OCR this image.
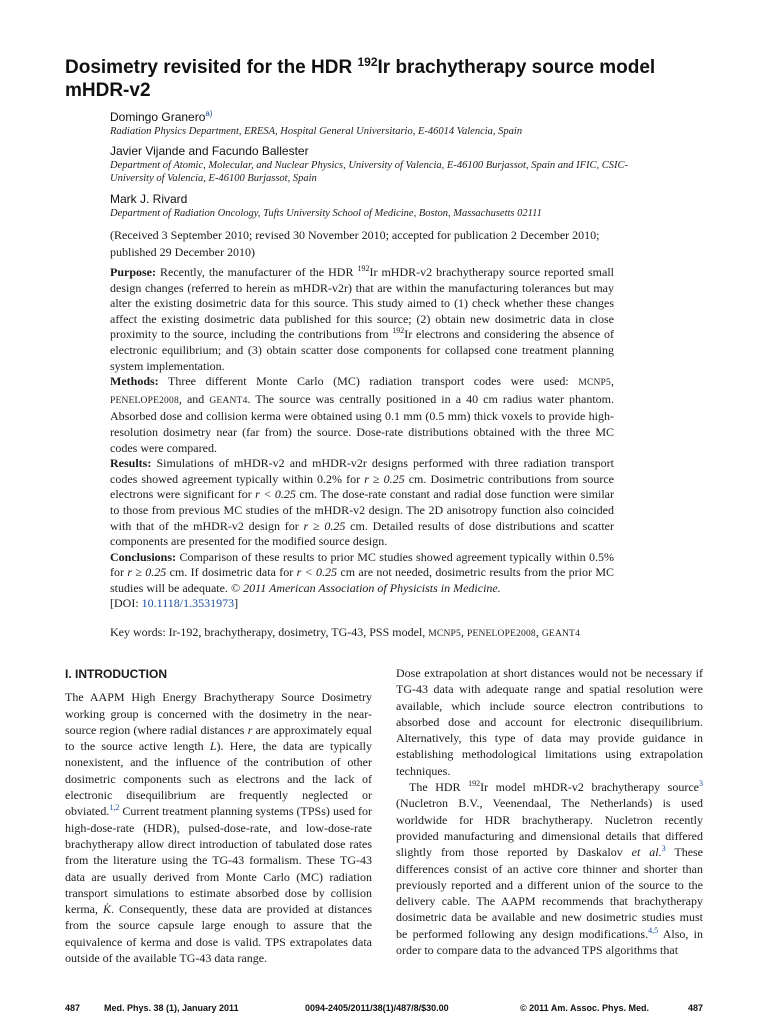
Dosimetry revisited for the HDR $^{192}$Ir brachytherapy source model mHDR-v2
Domingo Granero$^{a)}$
Radiation Physics Department, ERESA, Hospital General Universitario, E-46014 Valencia, Spain
Javier Vijande and Facundo Ballester
Department of Atomic, Molecular, and Nuclear Physics, University of Valencia, E-46100 Burjassot, Spain and IFIC, CSIC-University of Valencia, E-46100 Burjassot, Spain
Mark J. Rivard
Department of Radiation Oncology, Tufts University School of Medicine, Boston, Massachusetts 02111
(Received 3 September 2010; revised 30 November 2010; accepted for publication 2 December 2010; published 29 December 2010)
Purpose: Recently, the manufacturer of the HDR $^{192}$Ir mHDR-v2 brachytherapy source reported small design changes (referred to herein as mHDR-v2r) that are within the manufacturing tolerances but may alter the existing dosimetric data for this source. This study aimed to (1) check whether these changes affect the existing dosimetric data published for this source; (2) obtain new dosimetric data in close proximity to the source, including the contributions from $^{192}$Ir electrons and considering the absence of electronic equilibrium; and (3) obtain scatter dose components for collapsed cone treatment planning system implementation.
Methods: Three different Monte Carlo (MC) radiation transport codes were used: MCNP5, PENELOPE2008, and GEANT4. The source was centrally positioned in a 40 cm radius water phantom. Absorbed dose and collision kerma were obtained using 0.1 mm (0.5 mm) thick voxels to provide high-resolution dosimetry near (far from) the source. Dose-rate distributions obtained with the three MC codes were compared.
Results: Simulations of mHDR-v2 and mHDR-v2r designs performed with three radiation transport codes showed agreement typically within 0.2% for r ≥ 0.25 cm. Dosimetric contributions from source electrons were significant for r < 0.25 cm. The dose-rate constant and radial dose function were similar to those from previous MC studies of the mHDR-v2 design. The 2D anisotropy function also coincided with that of the mHDR-v2 design for r ≥ 0.25 cm. Detailed results of dose distributions and scatter components are presented for the modified source design.
Conclusions: Comparison of these results to prior MC studies showed agreement typically within 0.5% for r ≥ 0.25 cm. If dosimetric data for r < 0.25 cm are not needed, dosimetric results from the prior MC studies will be adequate. © 2011 American Association of Physicists in Medicine.
[DOI: 10.1118/1.3531973]
Key words: Ir-192, brachytherapy, dosimetry, TG-43, PSS model, MCNP5, PENELOPE2008, GEANT4
I. INTRODUCTION

The AAPM High Energy Brachytherapy Source Dosimetry working group is concerned with the dosimetry in the near-source region (where radial distances r are approximately equal to the source active length L). Here, the data are typically nonexistent, and the influence of the contribution of other dosimetric components such as electrons and the lack of electronic disequilibrium are frequently neglected or obviated.$^{1,2}$ Current treatment planning systems (TPSs) used for high-dose-rate (HDR), pulsed-dose-rate, and low-dose-rate brachytherapy allow direct introduction of tabulated dose rates from the literature using the TG-43 formalism. These TG-43 data are usually derived from Monte Carlo (MC) radiation transport simulations to estimate absorbed dose by collision kerma, K̇. Consequently, these data are provided at distances from the source capsule large enough to assure that the equivalence of kerma and dose is valid. TPS extrapolates data outside of the available TG-43 data range.

Dose extrapolation at short distances would not be necessary if TG-43 data with adequate range and spatial resolution were available, which include source electron contributions to absorbed dose and account for electronic disequilibrium. Alternatively, this type of data may provide guidance in establishing methodological limitations using extrapolation techniques.

The HDR $^{192}$Ir model mHDR-v2 brachytherapy source$^3$ (Nucletron B.V., Veenendaal, The Netherlands) is used worldwide for HDR brachytherapy. Nucletron recently provided manufacturing and dimensional details that differed slightly from those reported by Daskalov et al.$^3$ These differences consist of an active core thinner and shorter than previously reported and a different union of the source to the delivery cable. The AAPM recommends that brachytherapy dosimetric data be available and new dosimetric studies must be performed following any design modifications.$^{4,5}$ Also, in order to compare data to the advanced TPS algorithms that

487	Med. Phys. 38 (1), January 2011	0094-2405/2011/38(1)/487/8/$30.00	© 2011 Am. Assoc. Phys. Med.	487
